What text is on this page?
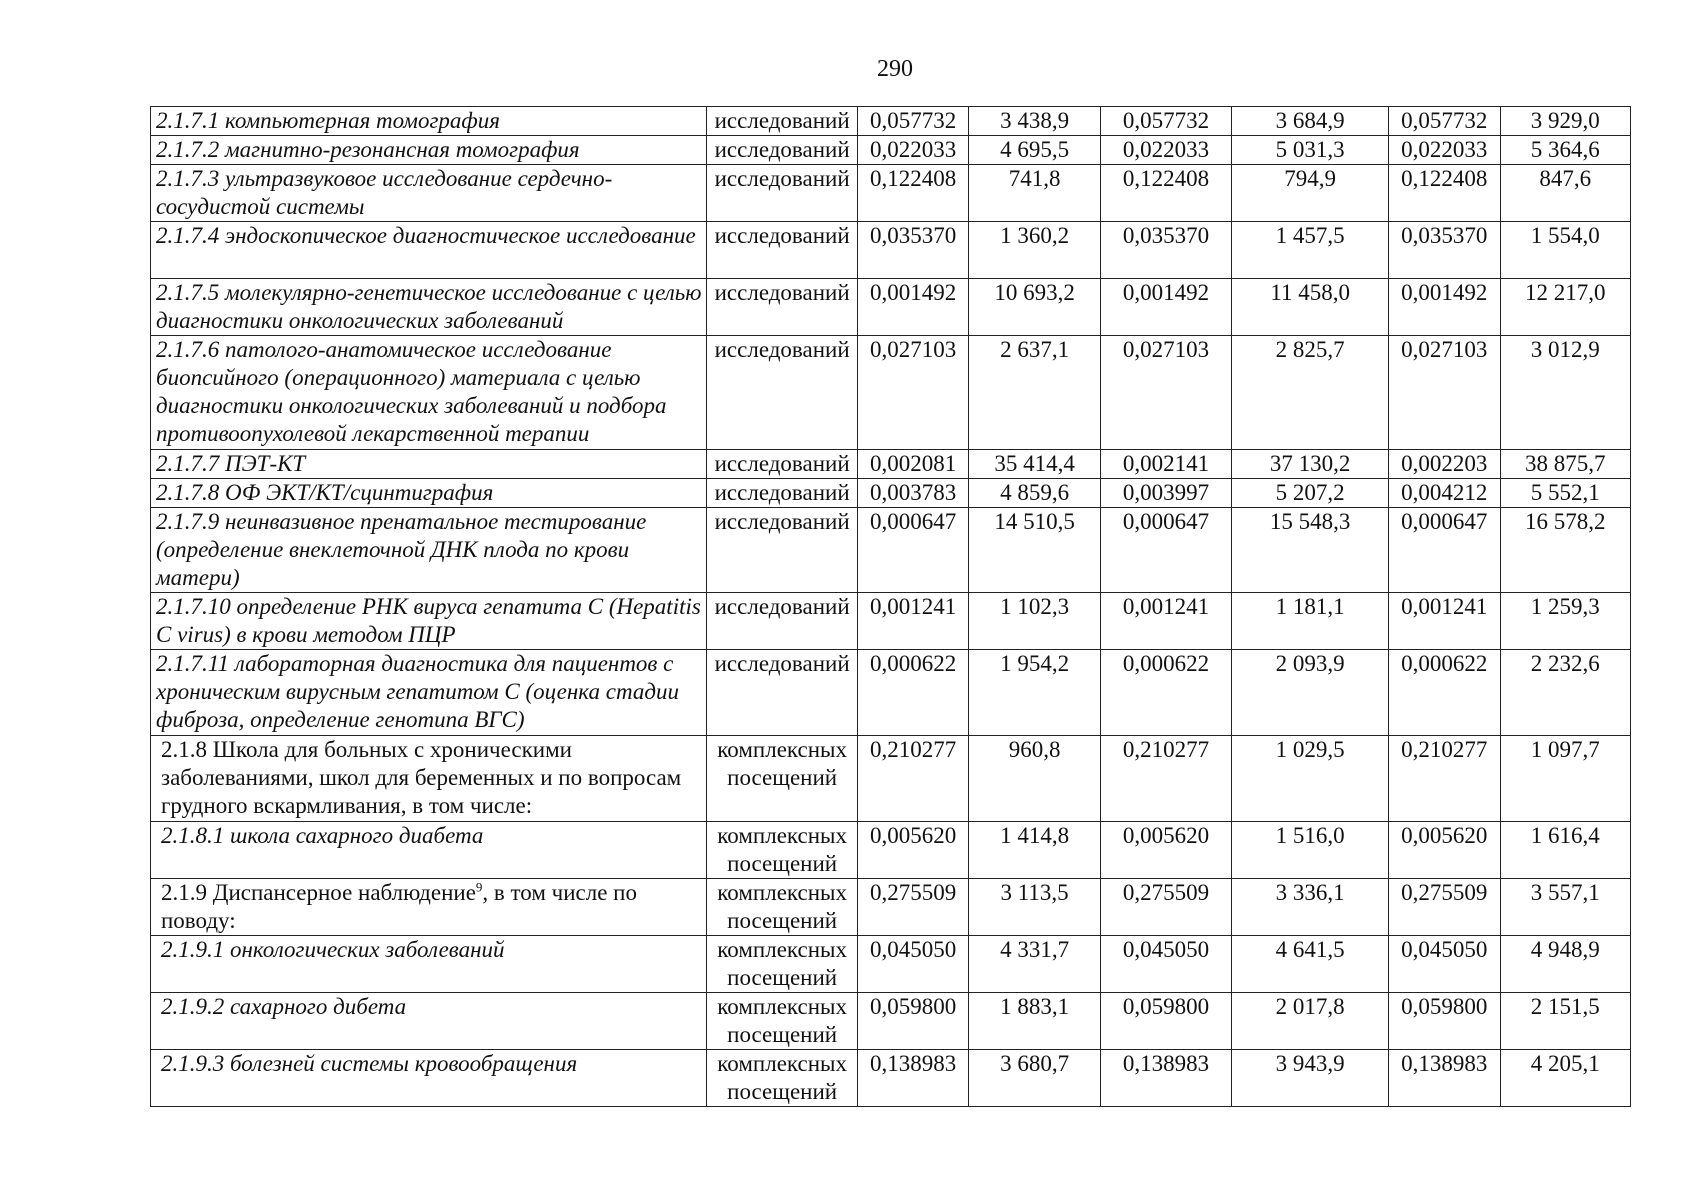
290
2.1.7.1 компьютерная томография	исследований	0,057732	3 438,9	0,057732	3 684,9	0,057732	3 929,0
2.1.7.2 магнитно-резонансная томография	исследований	0,022033	4 695,5	0,022033	5 031,3	0,022033	5 364,6
2.1.7.3 ультразвуковое исследование сердечно-сосудистой системы	исследований	0,122408	741,8	0,122408	794,9	0,122408	847,6
2.1.7.4 эндоскопическое диагностическое исследование	исследований	0,035370	1 360,2	0,035370	1 457,5	0,035370	1 554,0
2.1.7.5 молекулярно-генетическое исследование с целью диагностики онкологических заболеваний	исследований	0,001492	10 693,2	0,001492	11 458,0	0,001492	12 217,0
2.1.7.6 патолого-анатомическое исследование биопсийного (операционного) материала с целью диагностики онкологических заболеваний и подбора противоопухолевой лекарственной терапии	исследований	0,027103	2 637,1	0,027103	2 825,7	0,027103	3 012,9
2.1.7.7 ПЭТ-КТ	исследований	0,002081	35 414,4	0,002141	37 130,2	0,002203	38 875,7
2.1.7.8 ОФ ЭКТ/КТ/сцинтиграфия	исследований	0,003783	4 859,6	0,003997	5 207,2	0,004212	5 552,1
2.1.7.9 неинвазивное пренатальное тестирование (определение внеклеточной ДНК плода по крови матери)	исследований	0,000647	14 510,5	0,000647	15 548,3	0,000647	16 578,2
2.1.7.10 определение РНК вируса гепатита С (Hepatitis C virus) в крови методом ПЦР	исследований	0,001241	1 102,3	0,001241	1 181,1	0,001241	1 259,3
2.1.7.11 лабораторная диагностика для пациентов с хроническим вирусным гепатитом С (оценка стадии фиброза, определение генотипа ВГС)	исследований	0,000622	1 954,2	0,000622	2 093,9	0,000622	2 232,6
2.1.8 Школа для больных с хроническими заболеваниями, школ для беременных и по вопросам грудного вскармливания, в том числе:	комплексных посещений	0,210277	960,8	0,210277	1 029,5	0,210277	1 097,7
2.1.8.1 школа сахарного диабета	комплексных посещений	0,005620	1 414,8	0,005620	1 516,0	0,005620	1 616,4
2.1.9 Диспансерное наблюдение$^9$, в том числе по поводу:	комплексных посещений	0,275509	3 113,5	0,275509	3 336,1	0,275509	3 557,1
2.1.9.1 онкологических заболеваний	комплексных посещений	0,045050	4 331,7	0,045050	4 641,5	0,045050	4 948,9
2.1.9.2 сахарного дибета	комплексных посещений	0,059800	1 883,1	0,059800	2 017,8	0,059800	2 151,5
2.1.9.3 болезней системы кровообращения	комплексных посещений	0,138983	3 680,7	0,138983	3 943,9	0,138983	4 205,1
